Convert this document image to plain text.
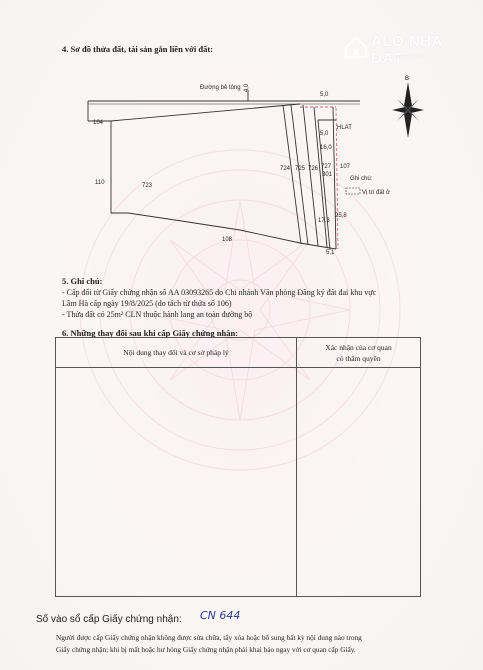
ALO NHÀ ĐẤT
.com.vn
4. Sơ đồ thửa đất, tài sản gắn liền với đất:
B
Đường bê tông 4,0
104
723
110
724 725 726 727
301
107
108
5,0
5,0
16,0
17,3
25,8
5,1
HLAT
Ghi chú:
Vị trí đất ở
5. Ghi chú:
- Cấp đổi từ Giấy chứng nhận số AA 03093265 do Chi nhánh Văn phòng Đăng ký đất đai khu vực
Lâm Hà cấp ngày 19/8/2025 (do tách từ thửa số 106)
- Thửa đất có 25m² CLN thuộc hành lang an toàn đường bộ
6. Những thay đổi sau khi cấp Giấy chứng nhận:
Nội dung thay đổi và cơ sở pháp lý	Xác nhận của cơ quan
có thẩm quyền

Số vào sổ cấp Giấy chứng nhận: CN 644
Người được cấp Giấy chứng nhận không được sửa chữa, tẩy xóa hoặc bổ sung bất kỳ nội dung nào trong
Giấy chứng nhận; khi bị mất hoặc hư hỏng Giấy chứng nhận phải khai báo ngay với cơ quan cấp Giấy.
